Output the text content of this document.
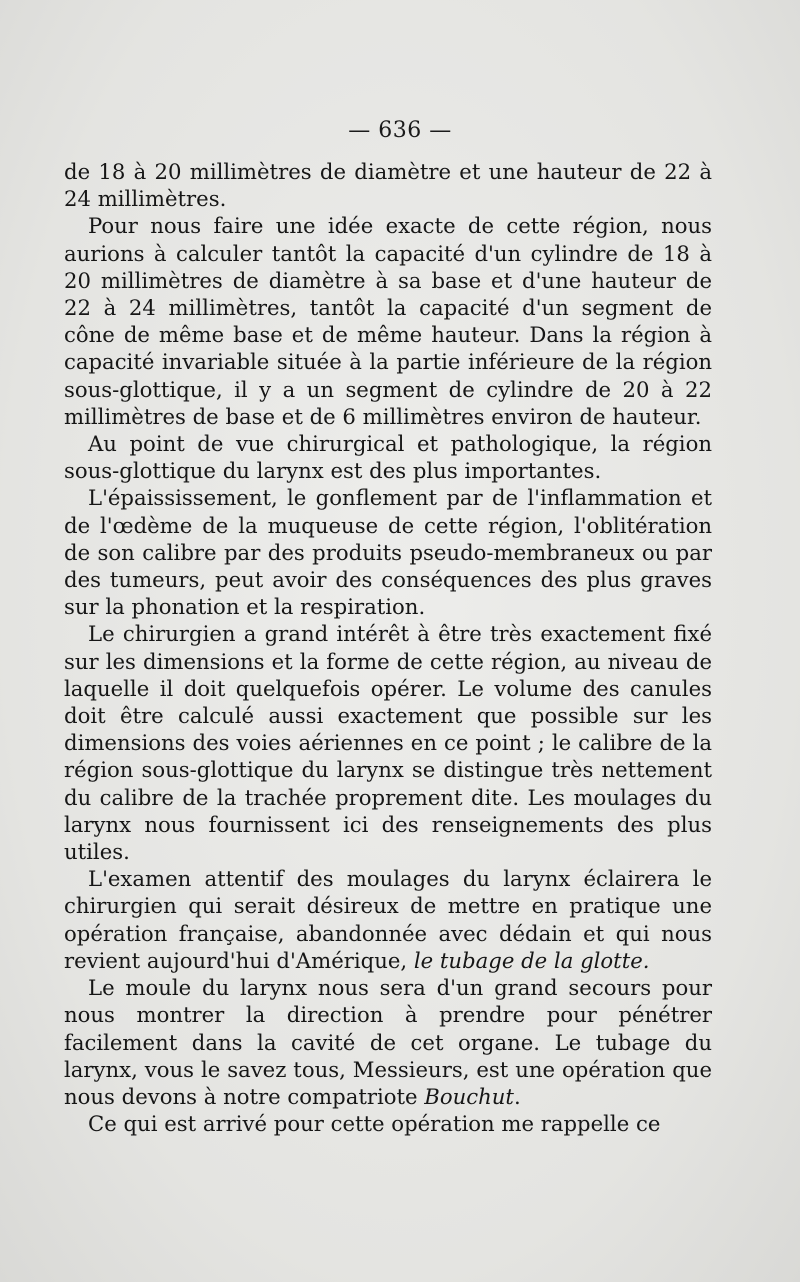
— 636 —

de 18 à 20 millimètres de diamètre et une hauteur de 22 à 24 millimètres.

Pour nous faire une idée exacte de cette région, nous aurions à calculer tantôt la capacité d'un cylindre de 18 à 20 millimètres de diamètre à sa base et d'une hauteur de 22 à 24 millimètres, tantôt la capacité d'un segment de cône de même base et de même hauteur. Dans la région à capacité invariable située à la partie inférieure de la région sous-glottique, il y a un segment de cylindre de 20 à 22 millimètres de base et de 6 millimètres environ de hauteur.

Au point de vue chirurgical et pathologique, la région sous-glottique du larynx est des plus importantes.

L'épaississement, le gonflement par de l'inflammation et de l'œdème de la muqueuse de cette région, l'oblitération de son calibre par des produits pseudo-membraneux ou par des tumeurs, peut avoir des conséquences des plus graves sur la phonation et la respiration.

Le chirurgien a grand intérêt à être très exactement fixé sur les dimensions et la forme de cette région, au niveau de laquelle il doit quelquefois opérer. Le volume des canules doit être calculé aussi exactement que possible sur les dimensions des voies aériennes en ce point ; le calibre de la région sous-glottique du larynx se distingue très nettement du calibre de la trachée proprement dite. Les moulages du larynx nous fournissent ici des renseignements des plus utiles.

L'examen attentif des moulages du larynx éclairera le chirurgien qui serait désireux de mettre en pratique une opération française, abandonnée avec dédain et qui nous revient aujourd'hui d'Amérique, le tubage de la glotte.

Le moule du larynx nous sera d'un grand secours pour nous montrer la direction à prendre pour pénétrer facilement dans la cavité de cet organe. Le tubage du larynx, vous le savez tous, Messieurs, est une opération que nous devons à notre compatriote Bouchut.

Ce qui est arrivé pour cette opération me rappelle ce
